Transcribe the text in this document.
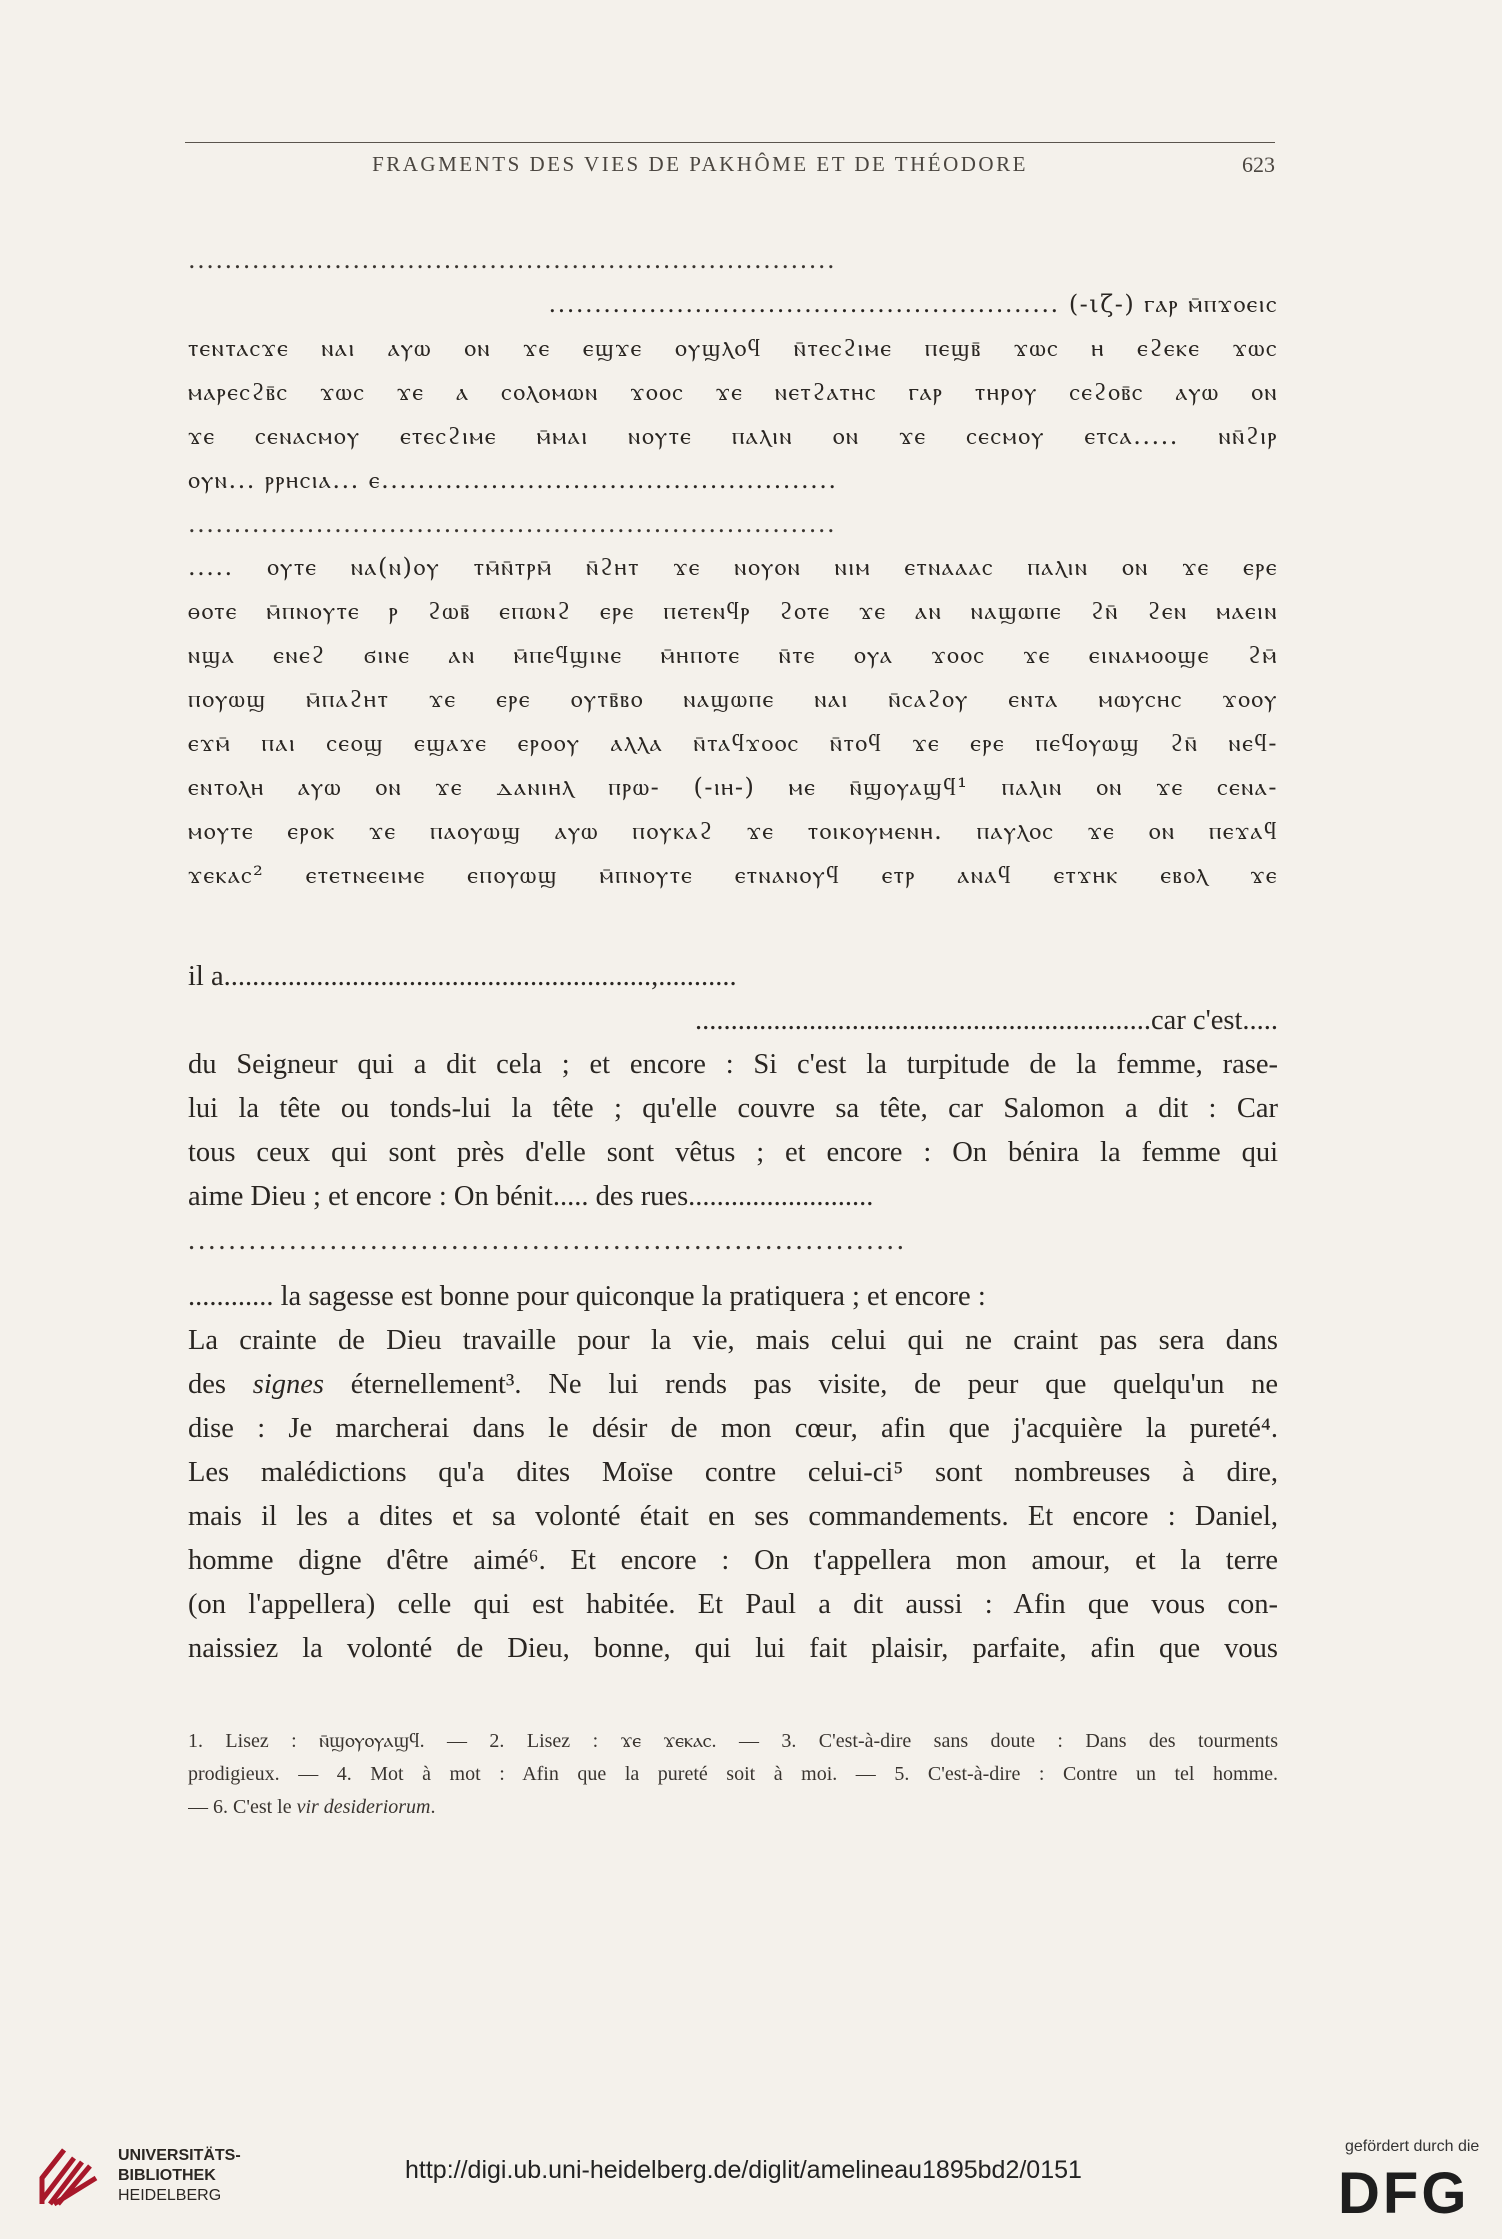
FRAGMENTS DES VIES DE PAKHÔME ET DE THÉODORE	623
.......................................................................
........................................................ (-ιζ-) ⲅⲁⲣ ⲙ̄ⲡϫⲟⲉⲓⲥ
ⲧⲉⲛⲧⲁⲥϫⲉ ⲛⲁⲓ ⲁⲩⲱ ⲟⲛ ϫⲉ ⲉϣϫⲉ ⲟⲩϣⲗⲟϥ ⲛ̄ⲧⲉⲥϩⲓⲙⲉ ⲡⲉϣⲃ̄ ϫⲱⲥ ⲏ ⲉϩⲉⲕⲉ ϫⲱⲥ
ⲙⲁⲣⲉⲥϩⲃ̄ⲥ ϫⲱⲥ ϫⲉ ⲁ ⲥⲟⲗⲟⲙⲱⲛ ϫⲟⲟⲥ ϫⲉ ⲛⲉⲧϩⲁⲧⲏⲥ ⲅⲁⲣ ⲧⲏⲣⲟⲩ ⲥⲉϩⲟⲃ̄ⲥ ⲁⲩⲱ ⲟⲛ
ϫⲉ ⲥⲉⲛⲁⲥⲙⲟⲩ ⲉⲧⲉⲥϩⲓⲙⲉ ⲙ̄ⲙⲁⲓ ⲛⲟⲩⲧⲉ ⲡⲁⲗⲓⲛ ⲟⲛ ϫⲉ ⲥⲉⲥⲙⲟⲩ ⲉⲧⲥⲁ..... ⲛⲛ̄ϩⲓⲣ
ⲟⲩⲛ... ⲣⲣⲏⲥⲓⲁ... ⲉ..................................................
.......................................................................
..... ⲟⲩⲧⲉ ⲛⲁ(ⲛ)ⲟⲩ ⲧⲙ̄ⲛ̄ⲧⲣⲙ̄ ⲛ̄ϩⲏⲧ ϫⲉ ⲛⲟⲩⲟⲛ ⲛⲓⲙ ⲉⲧⲛⲁⲁⲁⲥ ⲡⲁⲗⲓⲛ ⲟⲛ ϫⲉ ⲉⲣⲉ
ⲑⲟⲧⲉ ⲙ̄ⲡⲛⲟⲩⲧⲉ ⲣ ϩⲱⲃ̄ ⲉⲡⲱⲛϩ ⲉⲣⲉ ⲡⲉⲧⲉⲛϥⲣ ϩⲟⲧⲉ ϫⲉ ⲁⲛ ⲛⲁϣⲱⲡⲉ ϩⲛ̄ ϩⲉⲛ ⲙⲁⲉⲓⲛ
ⲛϣⲁ ⲉⲛⲉϩ ϭⲓⲛⲉ ⲁⲛ ⲙ̄ⲡⲉϥϣⲓⲛⲉ ⲙ̄ⲏⲡⲟⲧⲉ ⲛ̄ⲧⲉ ⲟⲩⲁ ϫⲟⲟⲥ ϫⲉ ⲉⲓⲛⲁⲙⲟⲟϣⲉ ϩⲙ̄
ⲡⲟⲩⲱϣ ⲙ̄ⲡⲁϩⲏⲧ ϫⲉ ⲉⲣⲉ ⲟⲩⲧⲃ̄ⲃⲟ ⲛⲁϣⲱⲡⲉ ⲛⲁⲓ ⲛ̄ⲥⲁϩⲟⲩ ⲉⲛⲧⲁ ⲙⲱⲩⲥⲏⲥ ϫⲟⲟⲩ
ⲉϫⲙ̄ ⲡⲁⲓ ⲥⲉⲟϣ ⲉϣⲁϫⲉ ⲉⲣⲟⲟⲩ ⲁⲗⲗⲁ ⲛ̄ⲧⲁϥϫⲟⲟⲥ ⲛ̄ⲧⲟϥ ϫⲉ ⲉⲣⲉ ⲡⲉϥⲟⲩⲱϣ ϩⲛ̄ ⲛⲉϥ-
ⲉⲛⲧⲟⲗⲏ ⲁⲩⲱ ⲟⲛ ϫⲉ ⲇⲁⲛⲓⲏⲗ ⲡⲣⲱ- (-ⲓⲏ-) ⲙⲉ ⲛ̄ϣⲟⲩⲁϣϥ¹ ⲡⲁⲗⲓⲛ ⲟⲛ ϫⲉ ⲥⲉⲛⲁ-
ⲙⲟⲩⲧⲉ ⲉⲣⲟⲕ ϫⲉ ⲡⲁⲟⲩⲱϣ ⲁⲩⲱ ⲡⲟⲩⲕⲁϩ ϫⲉ ⲧⲟⲓⲕⲟⲩⲙⲉⲛⲏ. ⲡⲁⲩⲗⲟⲥ ϫⲉ ⲟⲛ ⲡⲉϫⲁϥ
ϫⲉⲕⲁⲥ² ⲉⲧⲉⲧⲛⲉⲉⲓⲙⲉ ⲉⲡⲟⲩⲱϣ ⲙ̄ⲡⲛⲟⲩⲧⲉ ⲉⲧⲛⲁⲛⲟⲩϥ ⲉⲧⲣ ⲁⲛⲁϥ ⲉⲧϫⲏⲕ ⲉⲃⲟⲗ ϫⲉ
il a............................................................,...........
................................................................car c'est.....
du Seigneur qui a dit cela ; et encore : Si c'est la turpitude de la femme, rase-
lui la tête ou tonds-lui la tête ; qu'elle couvre sa tête, car Salomon a dit : Car
tous ceux qui sont près d'elle sont vêtus ; et encore : On bénira la femme qui
aime Dieu ; et encore : On bénit..... des rues..........................
.......................................................................
............ la sagesse est bonne pour quiconque la pratiquera ; et encore :
La crainte de Dieu travaille pour la vie, mais celui qui ne craint pas sera dans
des signes éternellement³. Ne lui rends pas visite, de peur que quelqu'un ne
dise : Je marcherai dans le désir de mon cœur, afin que j'acquière la pureté⁴.
Les malédictions qu'a dites Moïse contre celui-ci⁵ sont nombreuses à dire,
mais il les a dites et sa volonté était en ses commandements. Et encore : Daniel,
homme digne d'être aimé⁶. Et encore : On t'appellera mon amour, et la terre
(on l'appellera) celle qui est habitée. Et Paul a dit aussi : Afin que vous con-
naissiez la volonté de Dieu, bonne, qui lui fait plaisir, parfaite, afin que vous
1. Lisez : ⲛ̄ϣⲟⲩⲟⲩⲁϣϥ. — 2. Lisez : ϫⲉ ϫⲉⲕⲁⲥ. — 3. C'est-à-dire sans doute : Dans des tourments
prodigieux. — 4. Mot à mot : Afin que la pureté soit à moi. — 5. C'est-à-dire : Contre un tel homme.
— 6. C'est le vir desideriorum.
UNIVERSITÄTS-
BIBLIOTHEK
HEIDELBERG
http://digi.ub.uni-heidelberg.de/diglit/amelineau1895bd2/0151
gefördert durch die
DFG
